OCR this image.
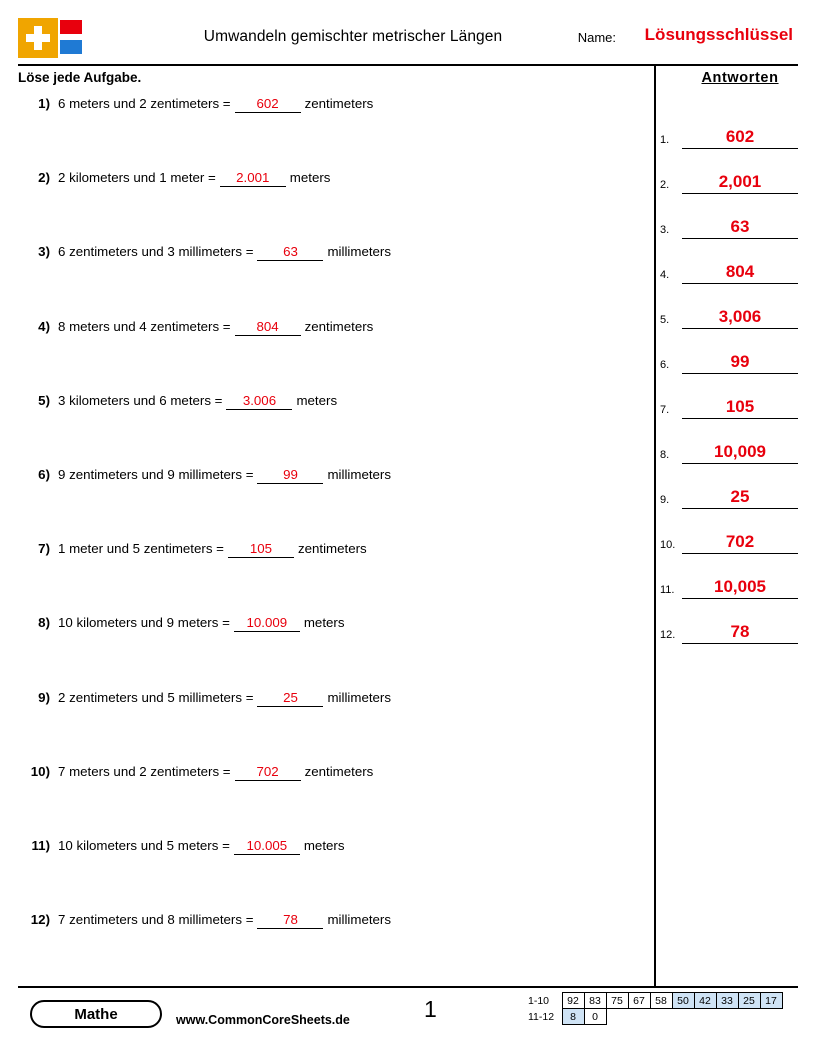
Umwandeln gemischter metrischer Längen	Name: Lösungsschlüssel
Löse jede Aufgabe.
1) 6 meters und 2 zentimeters = 602 zentimeters
2) 2 kilometers und 1 meter = 2.001 meters
3) 6 zentimeters und 3 millimeters = 63 millimeters
4) 8 meters und 4 zentimeters = 804 zentimeters
5) 3 kilometers und 6 meters = 3.006 meters
6) 9 zentimeters und 9 millimeters = 99 millimeters
7) 1 meter und 5 zentimeters = 105 zentimeters
8) 10 kilometers und 9 meters = 10.009 meters
9) 2 zentimeters und 5 millimeters = 25 millimeters
10) 7 meters und 2 zentimeters = 702 zentimeters
11) 10 kilometers und 5 meters = 10.005 meters
12) 7 zentimeters und 8 millimeters = 78 millimeters
Antworten
1.	602
2.	2,001
3.	63
4.	804
5.	3,006
6.	99
7.	105
8.	10,009
9.	25
10.	702
11.	10,005
12.	78
Mathe	www.CommonCoreSheets.de	1	1-10	92	83	75	67	58	50	42	33	25	17
11-12	8	0								
